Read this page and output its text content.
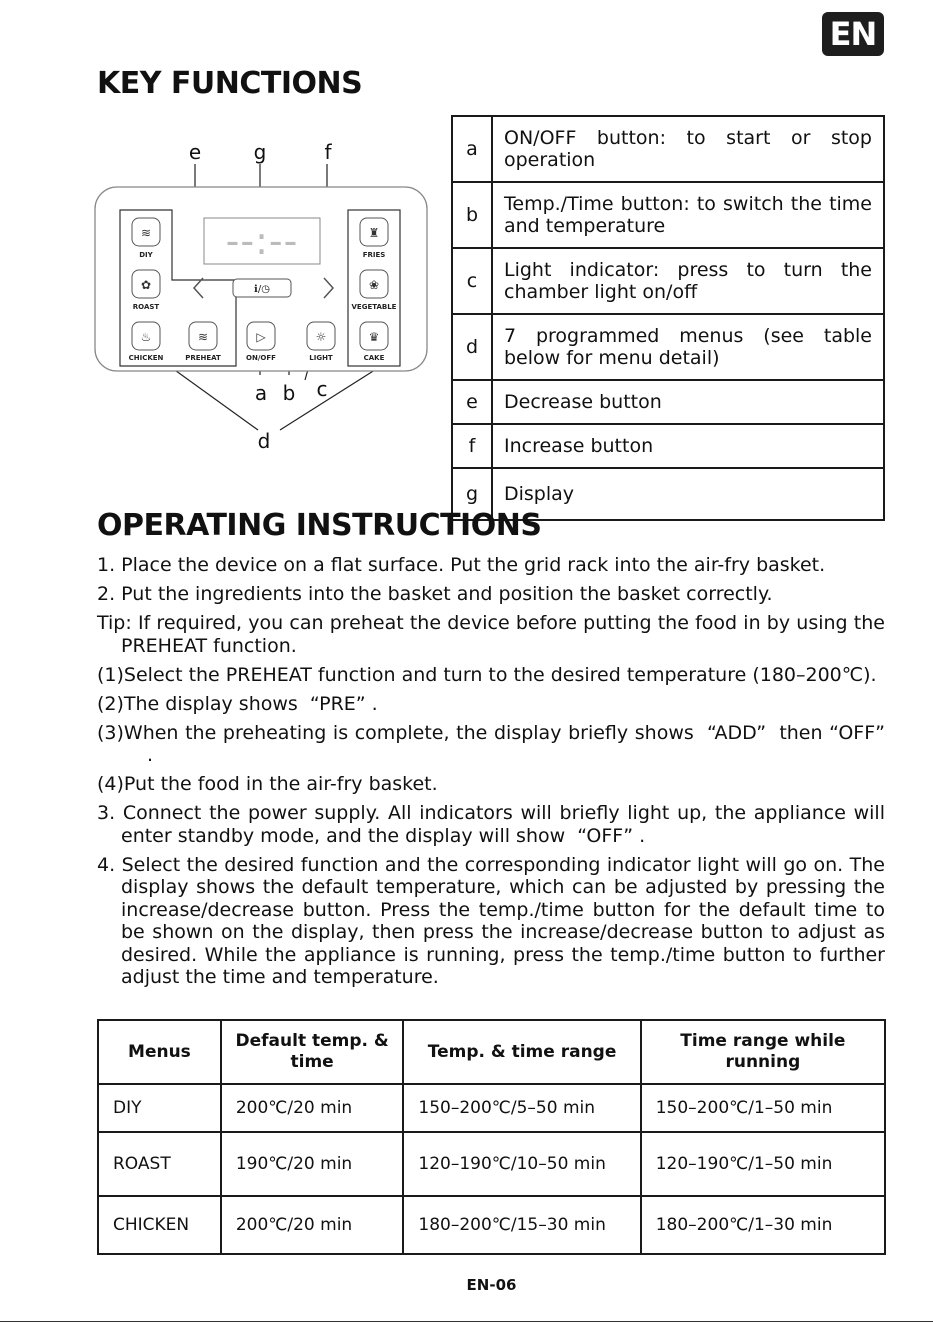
EN
KEY FUNCTIONS
e	g	f
a b c
d
--:--
ℹ/◷
≋
✿
♨	≋	▷	☼
♜
❀
♛
DIY
ROAST
CHICKEN	PREHEAT	ON/OFF	LIGHT
FRIES
VEGETABLE
CAKE
a	ON/OFF button: to start or stop operation
b	Temp./Time button: to switch the time and temperature
c	Light indicator: press to turn the chamber light on/off
d	7 programmed menus (see table below for menu detail)
e	Decrease button
f	Increase button
g	Display
OPERATING INSTRUCTIONS

1. Place the device on a flat surface. Put the grid rack into the air-fry basket.

2. Put the ingredients into the basket and position the basket correctly.

Tip: If required, you can preheat the device before putting the food in by using the PREHEAT function.

(1)Select the PREHEAT function and turn to the desired temperature (180–200℃).

(2)The display shows  “PRE” .

(3)When the preheating is complete, the display briefly shows  “ADD”  then “OFF” .

(4)Put the food in the air-fry basket.

3. Connect the power supply. All indicators will briefly light up, the appliance will enter standby mode, and the display will show  “OFF” .

4. Select the desired function and the corresponding indicator light will go on. The display shows the default temperature, which can be adjusted by pressing the increase/decrease button. Press the temp./time button for the default time to be shown on the display, then press the increase/decrease button to adjust as desired. While the appliance is running, press the temp./time button to further adjust the time and temperature.

Menus	Default temp. & time	Temp. & time range	Time range while running
DIY	200℃/20 min	150–200℃/5–50 min	150–200℃/1–50 min
ROAST	190℃/20 min	120–190℃/10–50 min	120–190℃/1–50 min
CHICKEN	200℃/20 min	180–200℃/15–30 min	180–200℃/1–30 min
EN-06
